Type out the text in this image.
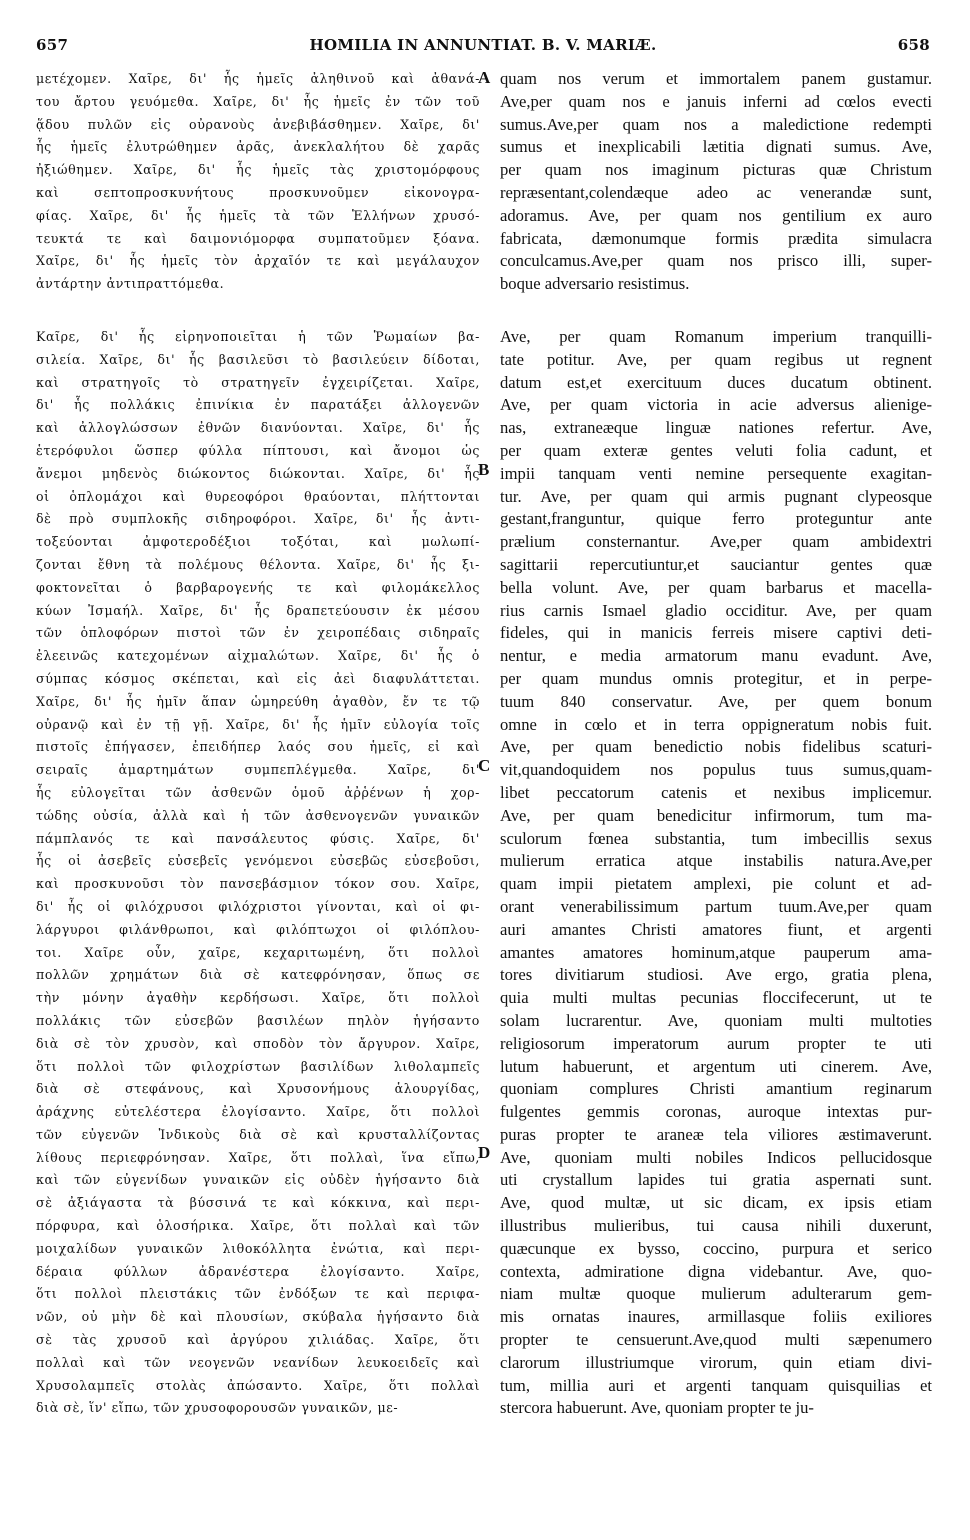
657	HOMILIA IN ANNUNTIAT. B. V. MARIÆ.	658
μετέχομεν. Χαῖρε, δι' ἧς ἡμεῖς ἀληθινοῦ καὶ ἀθανά-
του ἄρτου γευόμεθα. Χαῖρε, δι' ἧς ἡμεῖς ἐν τῶν τοῦ
ᾅδου πυλῶν εἰς οὐρανοὺς ἀνεβιβάσθημεν. Χαῖρε, δι'
ἧς ἡμεῖς ἐλυτρώθημεν ἀρᾶς, ἀνεκλαλήτου δὲ χαρᾶς
ἠξιώθημεν. Χαῖρε, δι' ἧς ἡμεῖς τὰς χριστομόρφους
καὶ σεπτοπροσκυνήτους προσκυνοῦμεν εἰκονογρα-
φίας. Χαῖρε, δι' ἧς ἡμεῖς τὰ τῶν Ἑλλήνων χρυσό-
τευκτά τε καὶ δαιμονιόμορφα συμπατοῦμεν ξόανα.
Χαῖρε, δι' ἧς ἡμεῖς τὸν ἀρχαῖόν τε καὶ μεγάλαυχον
ἀντάρτην ἀντιπραττόμεθα.
quam nos verum et immortalem panem gustamur.
Ave,per quam nos e januis inferni ad cœlos evecti
sumus.Ave,per quam nos a maledictione redempti
sumus et inexplicabili lætitia dignati sumus. Ave,
per quam nos imaginum picturas quæ Christum
repræsentant,colendæque adeo ac venerandæ sunt,
adoramus. Ave, per quam nos gentilium ex auro
fabricata, dæmonumque formis prædita simulacra
conculcamus.Ave,per quam nos prisco illi, super-
boque adversario resistimus.
Καῖρε, δι' ἧς εἰρηνοποιεῖται ἡ τῶν Ῥωμαίων βα-
σιλεία. Χαῖρε, δι' ἧς βασιλεῦσι τὸ βασιλεύειν δίδοται,
καὶ στρατηγοῖς τὸ στρατηγεῖν ἐγχειρίζεται. Χαῖρε,
δι' ἧς πολλάκις ἐπινίκια ἐν παρατάξει ἀλλογενῶν
καὶ ἀλλογλώσσων ἐθνῶν διανύονται. Χαῖρε, δι' ἧς
ἑτερόφυλοι ὥσπερ φύλλα πίπτουσι, καὶ ἄνομοι ὡς
ἄνεμοι μηδενὸς διώκοντος διώκονται. Χαῖρε, δι' ἧς
οἱ ὁπλομάχοι καὶ θυρεοφόροι θραύονται, πλήττονται
δὲ πρὸ συμπλοκῆς σιδηροφόροι. Χαῖρε, δι' ἧς ἀντι-
τοξεύονται ἀμφοτεροδέξιοι τοξόται, καὶ μωλωπί-
ζονται ἔθνη τὰ πολέμους θέλοντα. Χαῖρε, δι' ἧς ξι-
φοκτονεῖται ὁ βαρβαρογενής τε καὶ φιλομάκελλος
κύων Ἰσμαήλ. Χαῖρε, δι' ἧς δραπετεύουσιν ἐκ μέσου
τῶν ὁπλοφόρων πιστοὶ τῶν ἐν χειροπέδαις σιδηραῖς
ἐλεεινῶς κατεχομένων αἰχμαλώτων. Χαῖρε, δι' ἧς ὁ
σύμπας κόσμος σκέπεται, καὶ εἰς ἀεὶ διαφυλάττεται.
Χαῖρε, δι' ἧς ἡμῖν ἅπαν ὡμηρεύθη ἀγαθὸν, ἔν τε τῷ
οὐρανῷ καὶ ἐν τῇ γῇ. Χαῖρε, δι' ἧς ἡμῖν εὐλογία τοῖς
πιστοῖς ἐπήγασεν, ἐπειδήπερ λαός σου ἡμεῖς, εἰ καὶ
σειραῖς ἁμαρτημάτων συμπεπλέγμεθα. Χαῖρε, δι'
ἧς εὐλογεῖται τῶν ἀσθενῶν ὁμοῦ ἀῤῥένων ἡ χορ-
τώδης οὐσία, ἀλλὰ καὶ ἡ τῶν ἀσθενογενῶν γυναικῶν
πάμπλανός τε καὶ πανσάλευτος φύσις. Χαῖρε, δι'
ἧς οἱ ἀσεβεῖς εὐσεβεῖς γενόμενοι εὐσεβῶς εὐσεβοῦσι,
καὶ προσκυνοῦσι τὸν πανσεβάσμιον τόκον σου. Χαῖρε,
δι' ἧς οἱ φιλόχρυσοι φιλόχριστοι γίνονται, καὶ οἱ φι-
λάργυροι φιλάνθρωποι, καὶ φιλόπτωχοι οἱ φιλόπλου-
τοι. Χαῖρε οὖν, χαῖρε, κεχαριτωμένη, ὅτι πολλοὶ
πολλῶν χρημάτων διὰ σὲ κατεφρόνησαν, ὅπως σε
τὴν μόνην ἀγαθὴν κερδήσωσι. Χαῖρε, ὅτι πολλοὶ
πολλάκις τῶν εὐσεβῶν βασιλέων πηλὸν ἡγήσαντο
διὰ σὲ τὸν χρυσὸν, καὶ σποδὸν τὸν ἄργυρον. Χαῖρε,
ὅτι πολλοὶ τῶν φιλοχρίστων βασιλίδων λιθολαμπεῖς
διὰ σὲ στεφάνους, καὶ Χρυσονήμους ἁλουργίδας,
ἀράχνης εὐτελέστερα ἐλογίσαντο. Χαῖρε, ὅτι πολλοὶ
τῶν εὐγενῶν Ἰνδικοὺς διὰ σὲ καὶ κρυσταλλίζοντας
λίθους περιεφρόνησαν. Χαῖρε, ὅτι πολλαὶ, ἵνα εἴπω,
καὶ τῶν εὐγενίδων γυναικῶν εἰς οὐδὲν ἡγήσαντο διὰ
σὲ ἀξιάγαστα τὰ βύσσινά τε καὶ κόκκινα, καὶ περι-
πόρφυρα, καὶ ὁλοσήρικα. Χαῖρε, ὅτι πολλαὶ καὶ τῶν
μοιχαλίδων γυναικῶν λιθοκόλλητα ἐνώτια, καὶ περι-
δέραια φύλλων ἀδρανέστερα ἐλογίσαντο. Χαῖρε,
ὅτι πολλοὶ πλειστάκις τῶν ἐνδόξων τε καὶ περιφα-
νῶν, οὐ μὴν δὲ καὶ πλουσίων, σκύβαλα ἡγήσαντο διὰ
σὲ τὰς χρυσοῦ καὶ ἀργύρου χιλιάδας. Χαῖρε, ὅτι
πολλαὶ καὶ τῶν νεογενῶν νεανίδων λευκοειδεῖς καὶ
Χρυσολαμπεῖς στολὰς ἀπώσαντο. Χαῖρε, ὅτι πολλαὶ
διὰ σὲ, ἵν' εἴπω, τῶν χρυσοφορουσῶν γυναικῶν, με-
Ave, per quam Romanum imperium tranquilli-
tate potitur. Ave, per quam regibus ut regnent
datum est,et exercituum duces ducatum obtinent.
Ave, per quam victoria in acie adversus alienige-
nas, extraneæque linguæ nationes refertur. Ave,
per quam exteræ gentes veluti folia cadunt, et
impii tanquam venti nemine persequente exagitan-
tur. Ave, per quam qui armis pugnant clypeosque
gestant,franguntur, quique ferro proteguntur ante
prælium consternantur. Ave,per quam ambidextri
sagittarii repercutiuntur,et sauciantur gentes quæ
bella volunt. Ave, per quam barbarus et macella-
rius carnis Ismael gladio occiditur. Ave, per quam
fideles, qui in manicis ferreis misere captivi deti-
nentur, e media armatorum manu evadunt. Ave,
per quam mundus omnis protegitur, et in perpe-
tuum 840 conservatur. Ave, per quem bonum
omne in cœlo et in terra oppigneratum nobis fuit.
Ave, per quam benedictio nobis fidelibus scaturi-
vit,quandoquidem nos populus tuus sumus,quam-
libet peccatorum catenis et nexibus implicemur.
Ave, per quam benedicitur infirmorum, tum ma-
sculorum fœnea substantia, tum imbecillis sexus
mulierum erratica atque instabilis natura.Ave,per
quam impii pietatem amplexi, pie colunt et ad-
orant venerabilissimum partum tuum.Ave,per quam
auri amantes Christi amatores fiunt, et argenti
amantes amatores hominum,atque pauperum ama-
tores divitiarum studiosi. Ave ergo, gratia plena,
quia multi multas pecunias floccifecerunt, ut te
solam lucrarentur. Ave, quoniam multi multoties
religiosorum imperatorum aurum propter te uti
lutum habuerunt, et argentum uti cinerem. Ave,
quoniam complures Christi amantium reginarum
fulgentes gemmis coronas, auroque intextas pur-
puras propter te araneæ tela viliores æstimaverunt.
Ave, quoniam multi nobiles Indicos pellucidosque
uti crystallum lapides tui gratia aspernati sunt.
Ave, quod multæ, ut sic dicam, ex ipsis etiam
illustribus mulieribus, tui causa nihili duxerunt,
quæcunque ex bysso, coccino, purpura et serico
contexta, admiratione digna videbantur. Ave, quo-
niam multæ quoque mulierum adulterarum gem-
mis ornatas inaures, armillasque foliis exiliores
propter te censuerunt.Ave,quod multi sæpenumero
clarorum illustriumque virorum, quin etiam divi-
tum, millia auri et argenti tanquam quisquilias et
stercora habuerunt. Ave, quoniam propter te ju-
A
B
C
D
